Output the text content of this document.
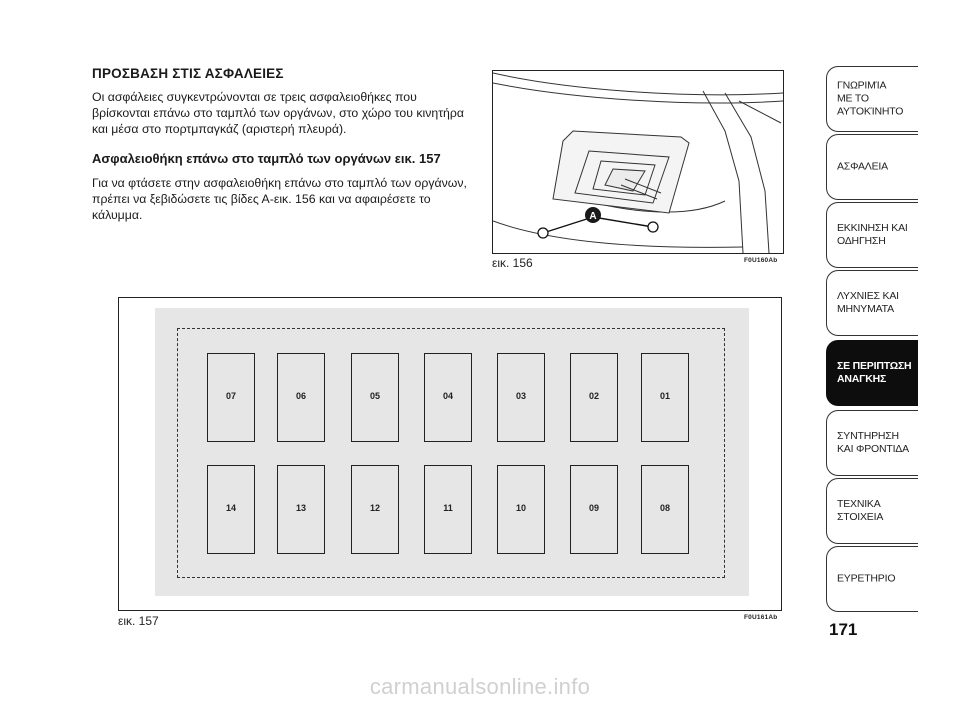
ΠΡΟΣΒΑΣΗ ΣΤΙΣ ΑΣΦΑΛΕΙΕΣ

Οι ασφάλειες συγκεντρώνονται σε τρεις ασφαλειοθήκες που βρίσκονται επάνω στο ταμπλό των οργάνων, στο χώρο του κινητήρα και μέσα στο πορτμπαγκάζ (αριστερή πλευρά).

Ασφαλειοθήκη επάνω στο ταμπλό των οργάνων εικ. 157

Για να φτάσετε στην ασφαλειοθήκη επάνω στο ταμπλό των οργάνων, πρέπει να ξεβιδώσετε τις βίδες Α-εικ. 156 και να αφαιρέσετε το κάλυμμα.	A
εικ. 156	F0U160Ab
07	06	05	04	03	02	01
14	13	12	11	10	09	08
εικ. 157	F0U161Ab
ΓΝΩΡΙΜΊΑ
ΜΕ ΤΟ
ΑΥΤΟΚΊΝΗΤΟ
ΑΣΦΑΛΕΙΑ
ΕΚΚΙΝΗΣΗ ΚΑΙ
ΟΔΗΓΗΣΗ
ΛΥΧΝΙΕΣ ΚΑΙ
ΜΗΝΥΜΑΤΑ
ΣΕ ΠΕΡΙΠΤΩΣΗ
ΑΝΑΓΚΗΣ
ΣΥΝΤΗΡΗΣΗ
ΚΑΙ ΦΡΟΝΤΙΔΑ
ΤΕΧΝΙΚΑ
ΣΤΟΙΧΕΙΑ
ΕΥΡΕΤΗΡΙΟ
171
carmanualsonline.info
